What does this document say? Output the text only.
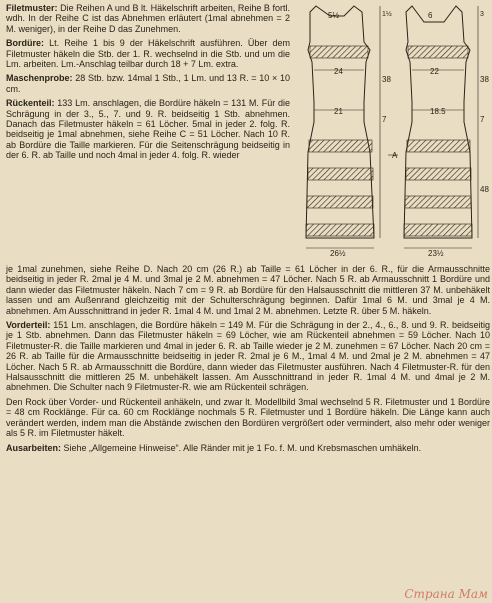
Filetmuster: Die Reihen A und B lt. Häkelschrift arbeiten, Reihe B fortl. wdh. In der Reihe C ist das Abnehmen erläutert (1mal abnehmen = 2 M. weniger), in der Reihe D das Zunehmen.

Bordüre: Lt. Reihe 1 bis 9 der Häkelschrift ausführen. Über dem Filetmuster häkeln die Stb. der 1. R. wechselnd in die Stb. und um die Lm. arbeiten. Lm.-Anschlag teilbar durch 18 + 7 Lm. extra.

Maschenprobe: 28 Stb. bzw. 14mal 1 Stb., 1 Lm. und 13 R. = 10 × 10 cm.

Rückenteil: 133 Lm. anschlagen, die Bordüre häkeln = 131 M. Für die Schrägung in der 3., 5., 7. und 9. R. beidseitig 1 Stb. abnehmen. Danach das Filetmuster häkeln = 61 Löcher. 5mal in jeder 2. folg. R. beidseitig je 1mal abnehmen, siehe Reihe C = 51 Löcher. Nach 10 R. ab Bordüre die Taille markieren. Für die Seitenschrägung beidseitig in der 6. R. ab Taille und noch 4mal in jeder 4. folg. R. wieder

5½
24
21
26½
1½
38
7
6
22
18.5
23½
3
38
7
48
A

je 1mal zunehmen, siehe Reihe D. Nach 20 cm (26 R.) ab Taille = 61 Löcher in der 6. R., für die Armausschnitte beidseitig in jeder R. 2mal je 4 M. und 3mal je 2 M. abnehmen = 47 Löcher. Nach 5 R. ab Armausschnitt 1 Bordüre und dann wieder das Filetmuster häkeln. Nach 7 cm = 9 R. ab Bordüre für den Halsausschnitt die mittleren 37 M. unbehäkelt lassen und am Außenrand gleichzeitig mit der Schulterschrägung beginnen. Dafür 1mal 6 M. und 3mal je 4 M. abnehmen. Am Ausschnittrand in jeder R. 1mal 4 M. und 1mal 2 M. abnehmen. Letzte R. über 5 M. häkeln.

Vorderteil: 151 Lm. anschlagen, die Bordüre häkeln = 149 M. Für die Schrägung in der 2., 4., 6., 8. und 9. R. beidseitig je 1 Stb. abnehmen. Dann das Filetmuster häkeln = 69 Löcher, wie am Rückenteil abnehmen = 59 Löcher. Nach 10 Filetmuster-R. die Taille markieren und 4mal in jeder 6. R. ab Taille wieder je 2 M. zunehmen = 67 Löcher. Nach 20 cm = 26 R. ab Taille für die Armausschnitte beidseitig in jeder R. 2mal je 6 M., 1mal 4 M. und 2mal je 2 M. abnehmen = 47 Löcher. Nach 5 R. ab Armausschnitt die Bordüre, dann wieder das Filetmuster ausführen. Nach 4 Filetmuster-R. für den Halsausschnitt die mittleren 25 M. unbehäkelt lassen. Am Ausschnittrand in jeder R. 1mal 4 M. und 4mal je 2 M. abnehmen. Die Schulter nach 9 Filetmuster-R. wie am Rückenteil schrägen.

Den Rock über Vorder- und Rückenteil anhäkeln, und zwar lt. Modellbild 3mal wechselnd 5 R. Filetmuster und 1 Bordüre = 48 cm Rocklänge. Für ca. 60 cm Rocklänge nochmals 5 R. Filetmuster und 1 Bordüre häkeln. Die Länge kann auch verändert werden, indem man die Abstände zwischen den Bordüren vergrößert oder vermindert, also mehr oder weniger als 5 R. im Filetmuster häkelt.

Ausarbeiten: Siehe „Allgemeine Hinweise“. Alle Ränder mit je 1 Fo. f. M. und Krebsmaschen umhäkeln.

Страна Мам
